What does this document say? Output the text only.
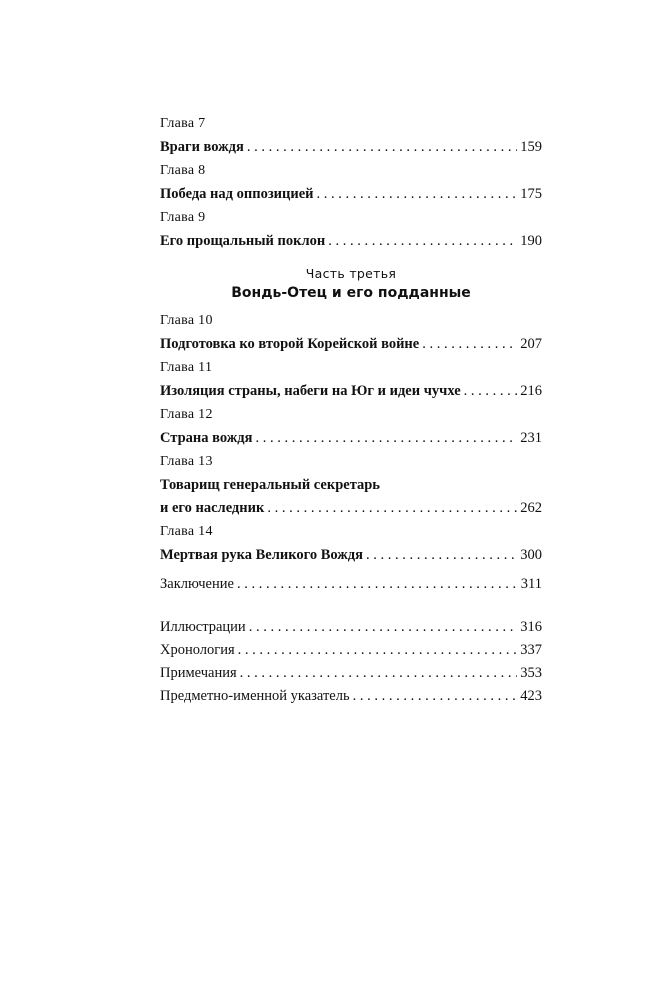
Глава 7
Враги вождя . . .	159
Глава 8
Победа над оппозицией . . .	175
Глава 9
Его прощальный поклон . . .	190
Часть третья
Вондь-Отец и его подданные
Глава 10
Подготовка ко второй Корейской войне . . .	207
Глава 11
Изоляция страны, набеги на Юг и идеи чучхе . . .	216
Глава 12
Страна вождя . . .	231
Глава 13
Товарищ генеральный секретарь
и его наследник . . .	262
Глава 14
Мертвая рука Великого Вождя . . .	300
Заключение . . .	311
Иллюстрации . . .	316
Хронология . . .	337
Примечания . . .	353
Предметно-именной указатель . . .	423
